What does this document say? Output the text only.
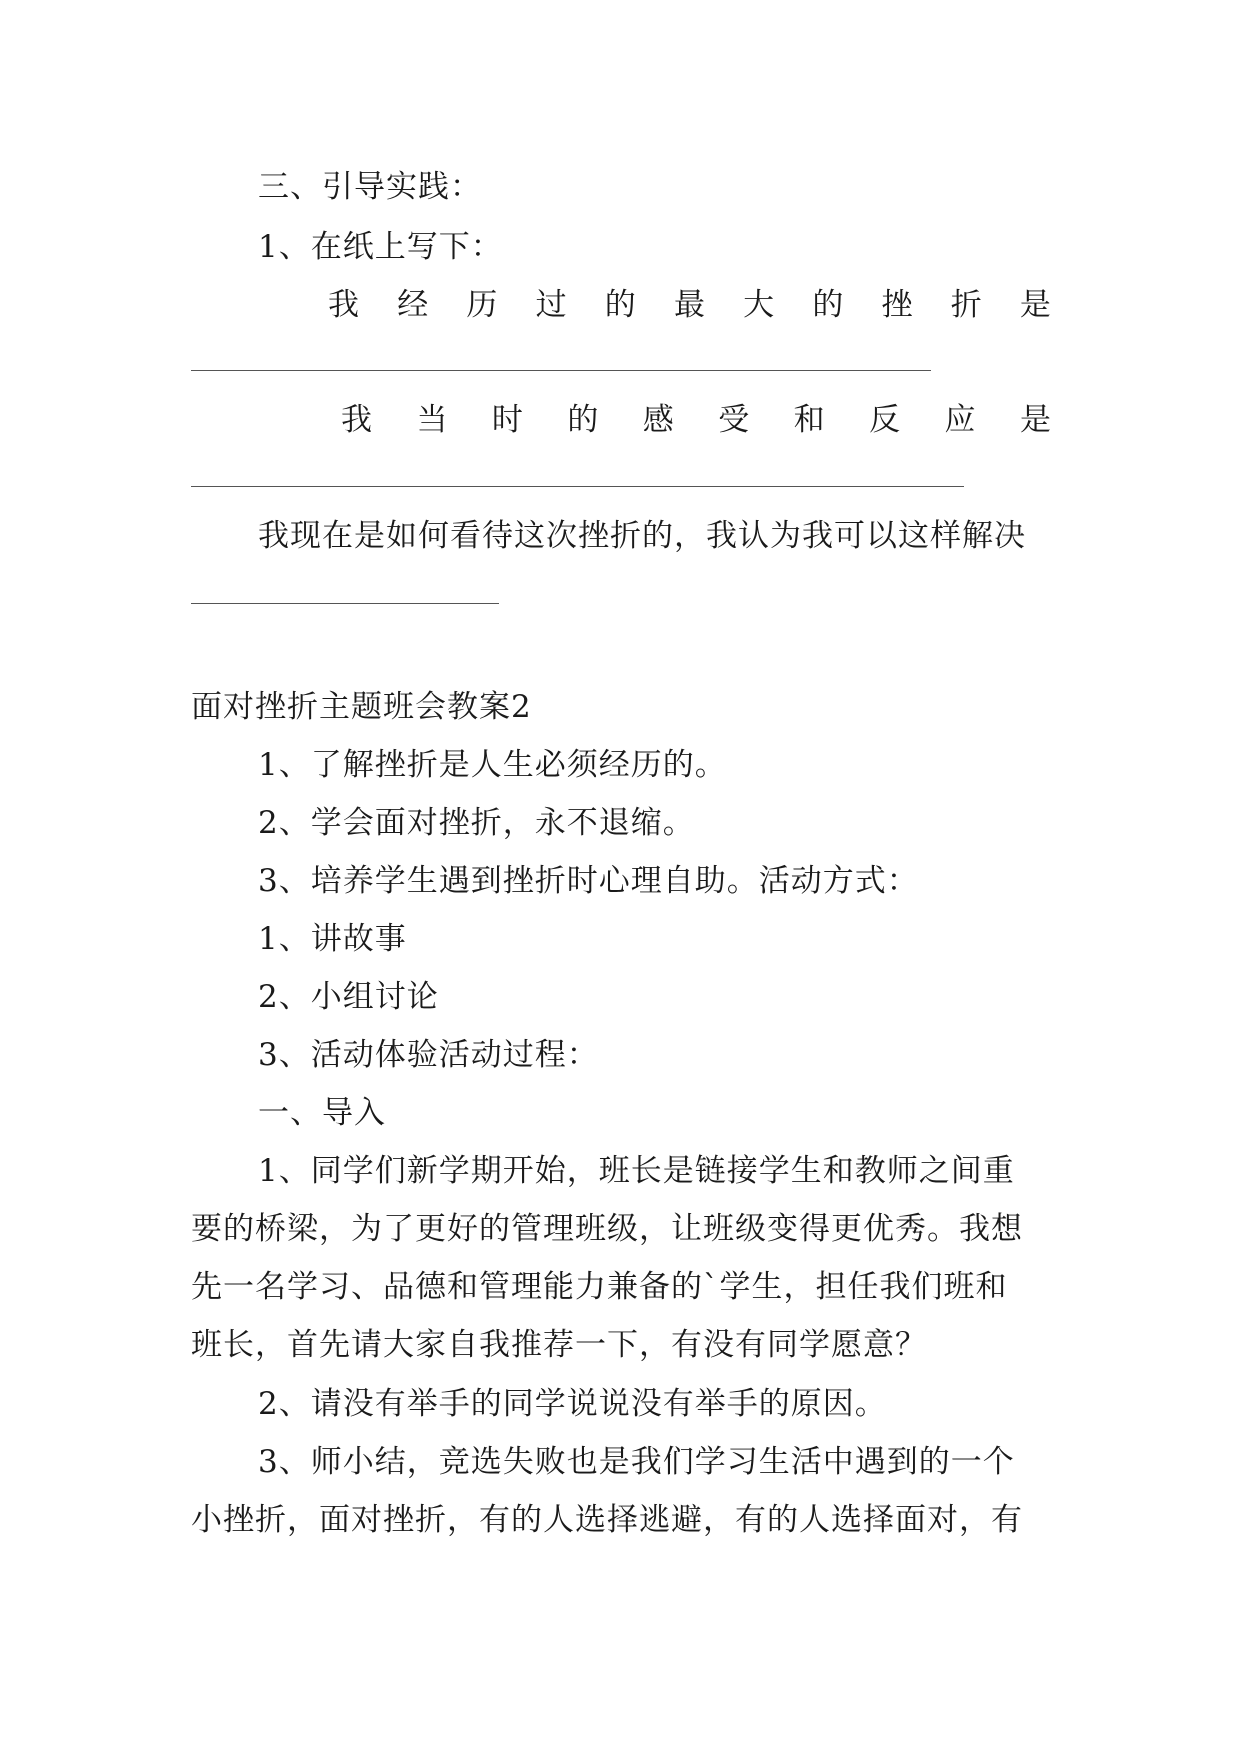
三、引导实践：
1、在纸上写下：
我 经 历 过 的 最 大 的 挫 折 是
我 当 时 的 感 受 和 反 应 是
我现在是如何看待这次挫折的，我认为我可以这样解决
面对挫折主题班会教案2
1、了解挫折是人生必须经历的。
2、学会面对挫折，永不退缩。
3、培养学生遇到挫折时心理自助。活动方式：
1、讲故事
2、小组讨论
3、活动体验活动过程：
一、导入
1、同学们新学期开始，班长是链接学生和教师之间重
要的桥梁，为了更好的管理班级，让班级变得更优秀。我想
先一名学习、品德和管理能力兼备的`学生，担任我们班和
班长，首先请大家自我推荐一下，有没有同学愿意？
2、请没有举手的同学说说没有举手的原因。
3、师小结，竞选失败也是我们学习生活中遇到的一个
小挫折，面对挫折，有的人选择逃避，有的人选择面对，有
